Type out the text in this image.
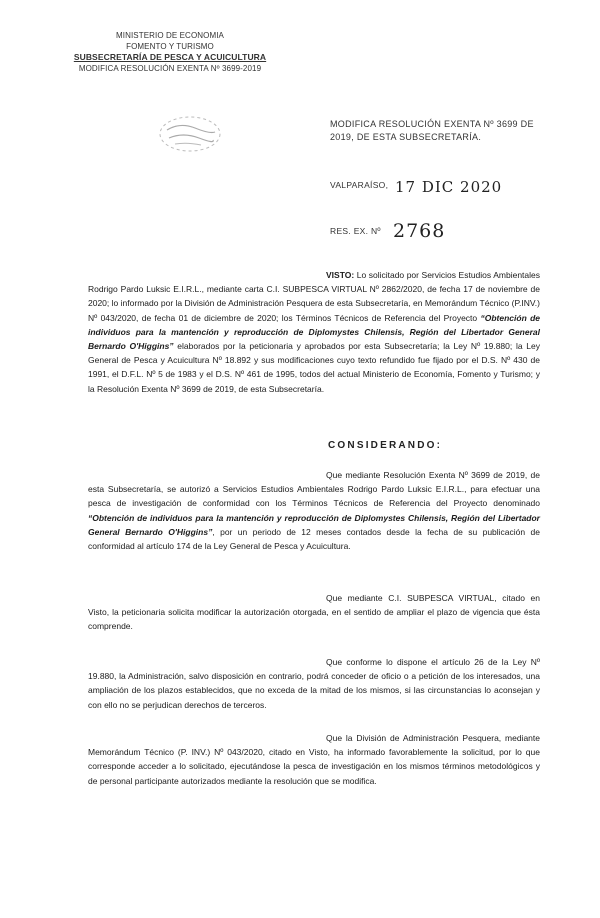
MINISTERIO DE ECONOMIA
FOMENTO Y TURISMO
SUBSECRETARÍA DE PESCA Y ACUICULTURA
MODIFICA RESOLUCIÓN EXENTA Nº 3699-2019
MODIFICA RESOLUCIÓN EXENTA Nº 3699 DE 2019, DE ESTA SUBSECRETARÍA.
VALPARAÍSO, 17 DIC 2020
RES. EX. Nº 2768
VISTO: Lo solicitado por Servicios Estudios Ambientales Rodrigo Pardo Luksic E.I.R.L., mediante carta C.I. SUBPESCA VIRTUAL Nº 2862/2020, de fecha 17 de noviembre de 2020; lo informado por la División de Administración Pesquera de esta Subsecretaría, en Memorándum Técnico (P.INV.) Nº 043/2020, de fecha 01 de diciembre de 2020; los Términos Técnicos de Referencia del Proyecto “Obtención de individuos para la mantención y reproducción de Diplomystes Chilensis, Región del Libertador General Bernardo O'Higgins” elaborados por la peticionaria y aprobados por esta Subsecretaría; la Ley Nº 19.880; la Ley General de Pesca y Acuicultura Nº 18.892 y sus modificaciones cuyo texto refundido fue fijado por el D.S. Nº 430 de 1991, el D.F.L. Nº 5 de 1983 y el D.S. Nº 461 de 1995, todos del actual Ministerio de Economía, Fomento y Turismo; y la Resolución Exenta Nº 3699 de 2019, de esta Subsecretaría.
CONSIDERANDO:
Que mediante Resolución Exenta Nº 3699 de 2019, de esta Subsecretaría, se autorizó a Servicios Estudios Ambientales Rodrigo Pardo Luksic E.I.R.L., para efectuar una pesca de investigación de conformidad con los Términos Técnicos de Referencia del Proyecto denominado “Obtención de individuos para la mantención y reproducción de Diplomystes Chilensis, Región del Libertador General Bernardo O'Higgins”, por un periodo de 12 meses contados desde la fecha de su publicación de conformidad al artículo 174 de la Ley General de Pesca y Acuicultura.
Que mediante C.I. SUBPESCA VIRTUAL, citado en Visto, la peticionaria solicita modificar la autorización otorgada, en el sentido de ampliar el plazo de vigencia que ésta comprende.
Que conforme lo dispone el artículo 26 de la Ley Nº 19.880, la Administración, salvo disposición en contrario, podrá conceder de oficio o a petición de los interesados, una ampliación de los plazos establecidos, que no exceda de la mitad de los mismos, si las circunstancias lo aconsejan y con ello no se perjudican derechos de terceros.
Que la División de Administración Pesquera, mediante Memorándum Técnico (P. INV.) Nº 043/2020, citado en Visto, ha informado favorablemente la solicitud, por lo que corresponde acceder a lo solicitado, ejecutándose la pesca de investigación en los mismos términos metodológicos y de personal participante autorizados mediante la resolución que se modifica.
